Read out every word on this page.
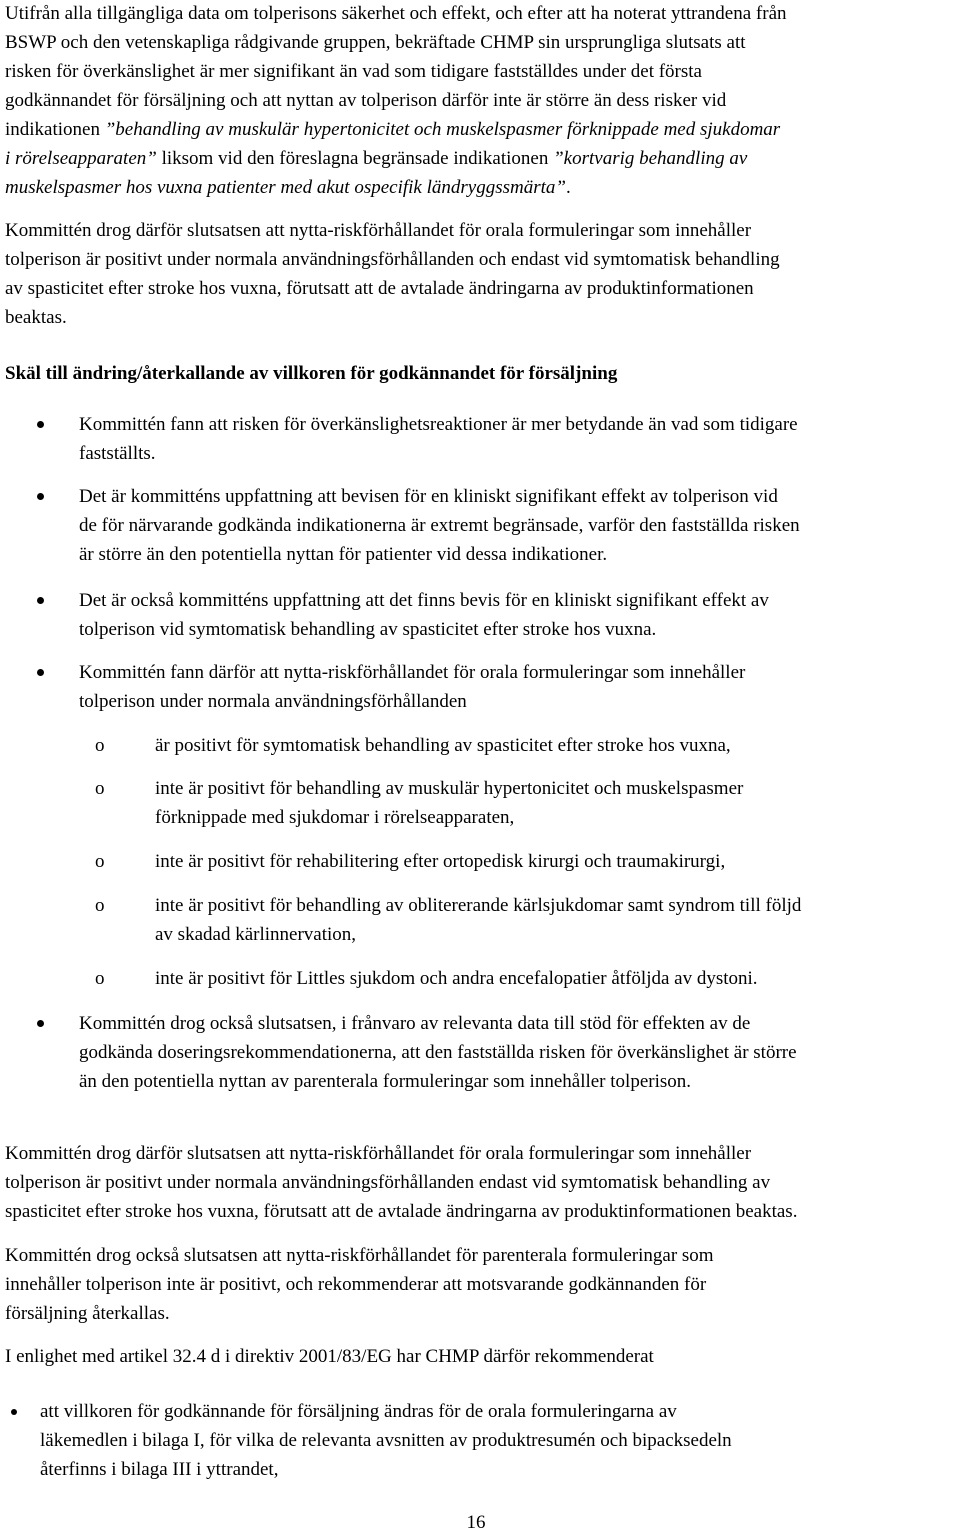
Utifrån alla tillgängliga data om tolperisons säkerhet och effekt, och efter att ha noterat yttrandena från
BSWP och den vetenskapliga rådgivande gruppen, bekräftade CHMP sin ursprungliga slutsats att
risken för överkänslighet är mer signifikant än vad som tidigare fastställdes under det första
godkännandet för försäljning och att nyttan av tolperison därför inte är större än dess risker vid
indikationen ”behandling av muskulär hypertonicitet och muskelspasmer förknippade med sjukdomar
i rörelseapparaten” liksom vid den föreslagna begränsade indikationen ”kortvarig behandling av
muskelspasmer hos vuxna patienter med akut ospecifik ländryggssmärta”.
Kommittén drog därför slutsatsen att nytta-riskförhållandet för orala formuleringar som innehåller
tolperison är positivt under normala användningsförhållanden och endast vid symtomatisk behandling
av spasticitet efter stroke hos vuxna, förutsatt att de avtalade ändringarna av produktinformationen
beaktas.
Skäl till ändring/återkallande av villkoren för godkännandet för försäljning
Kommittén fann att risken för överkänslighetsreaktioner är mer betydande än vad som tidigare
fastställts.
Det är kommitténs uppfattning att bevisen för en kliniskt signifikant effekt av tolperison vid
de för närvarande godkända indikationerna är extremt begränsade, varför den fastställda risken
är större än den potentiella nyttan för patienter vid dessa indikationer.
Det är också kommitténs uppfattning att det finns bevis för en kliniskt signifikant effekt av
tolperison vid symtomatisk behandling av spasticitet efter stroke hos vuxna.
Kommittén fann därför att nytta-riskförhållandet för orala formuleringar som innehåller
tolperison under normala användningsförhållanden
o	är positivt för symtomatisk behandling av spasticitet efter stroke hos vuxna,
o	inte är positivt för behandling av muskulär hypertonicitet och muskelspasmer
förknippade med sjukdomar i rörelseapparaten,
o	inte är positivt för rehabilitering efter ortopedisk kirurgi och traumakirurgi,
o	inte är positivt för behandling av oblitererande kärlsjukdomar samt syndrom till följd
av skadad kärlinnervation,
o	inte är positivt för Littles sjukdom och andra encefalopatier åtföljda av dystoni.
Kommittén drog också slutsatsen, i frånvaro av relevanta data till stöd för effekten av de
godkända doseringsrekommendationerna, att den fastställda risken för överkänslighet är större
än den potentiella nyttan av parenterala formuleringar som innehåller tolperison.
Kommittén drog därför slutsatsen att nytta-riskförhållandet för orala formuleringar som innehåller
tolperison är positivt under normala användningsförhållanden endast vid symtomatisk behandling av
spasticitet efter stroke hos vuxna, förutsatt att de avtalade ändringarna av produktinformationen beaktas.
Kommittén drog också slutsatsen att nytta-riskförhållandet för parenterala formuleringar som
innehåller tolperison inte är positivt, och rekommenderar att motsvarande godkännanden för
försäljning återkallas.
I enlighet med artikel 32.4 d i direktiv 2001/83/EG har CHMP därför rekommenderat
att villkoren för godkännande för försäljning ändras för de orala formuleringarna av
läkemedlen i bilaga I, för vilka de relevanta avsnitten av produktresumén och bipacksedeln
återfinns i bilaga III i yttrandet,
16
